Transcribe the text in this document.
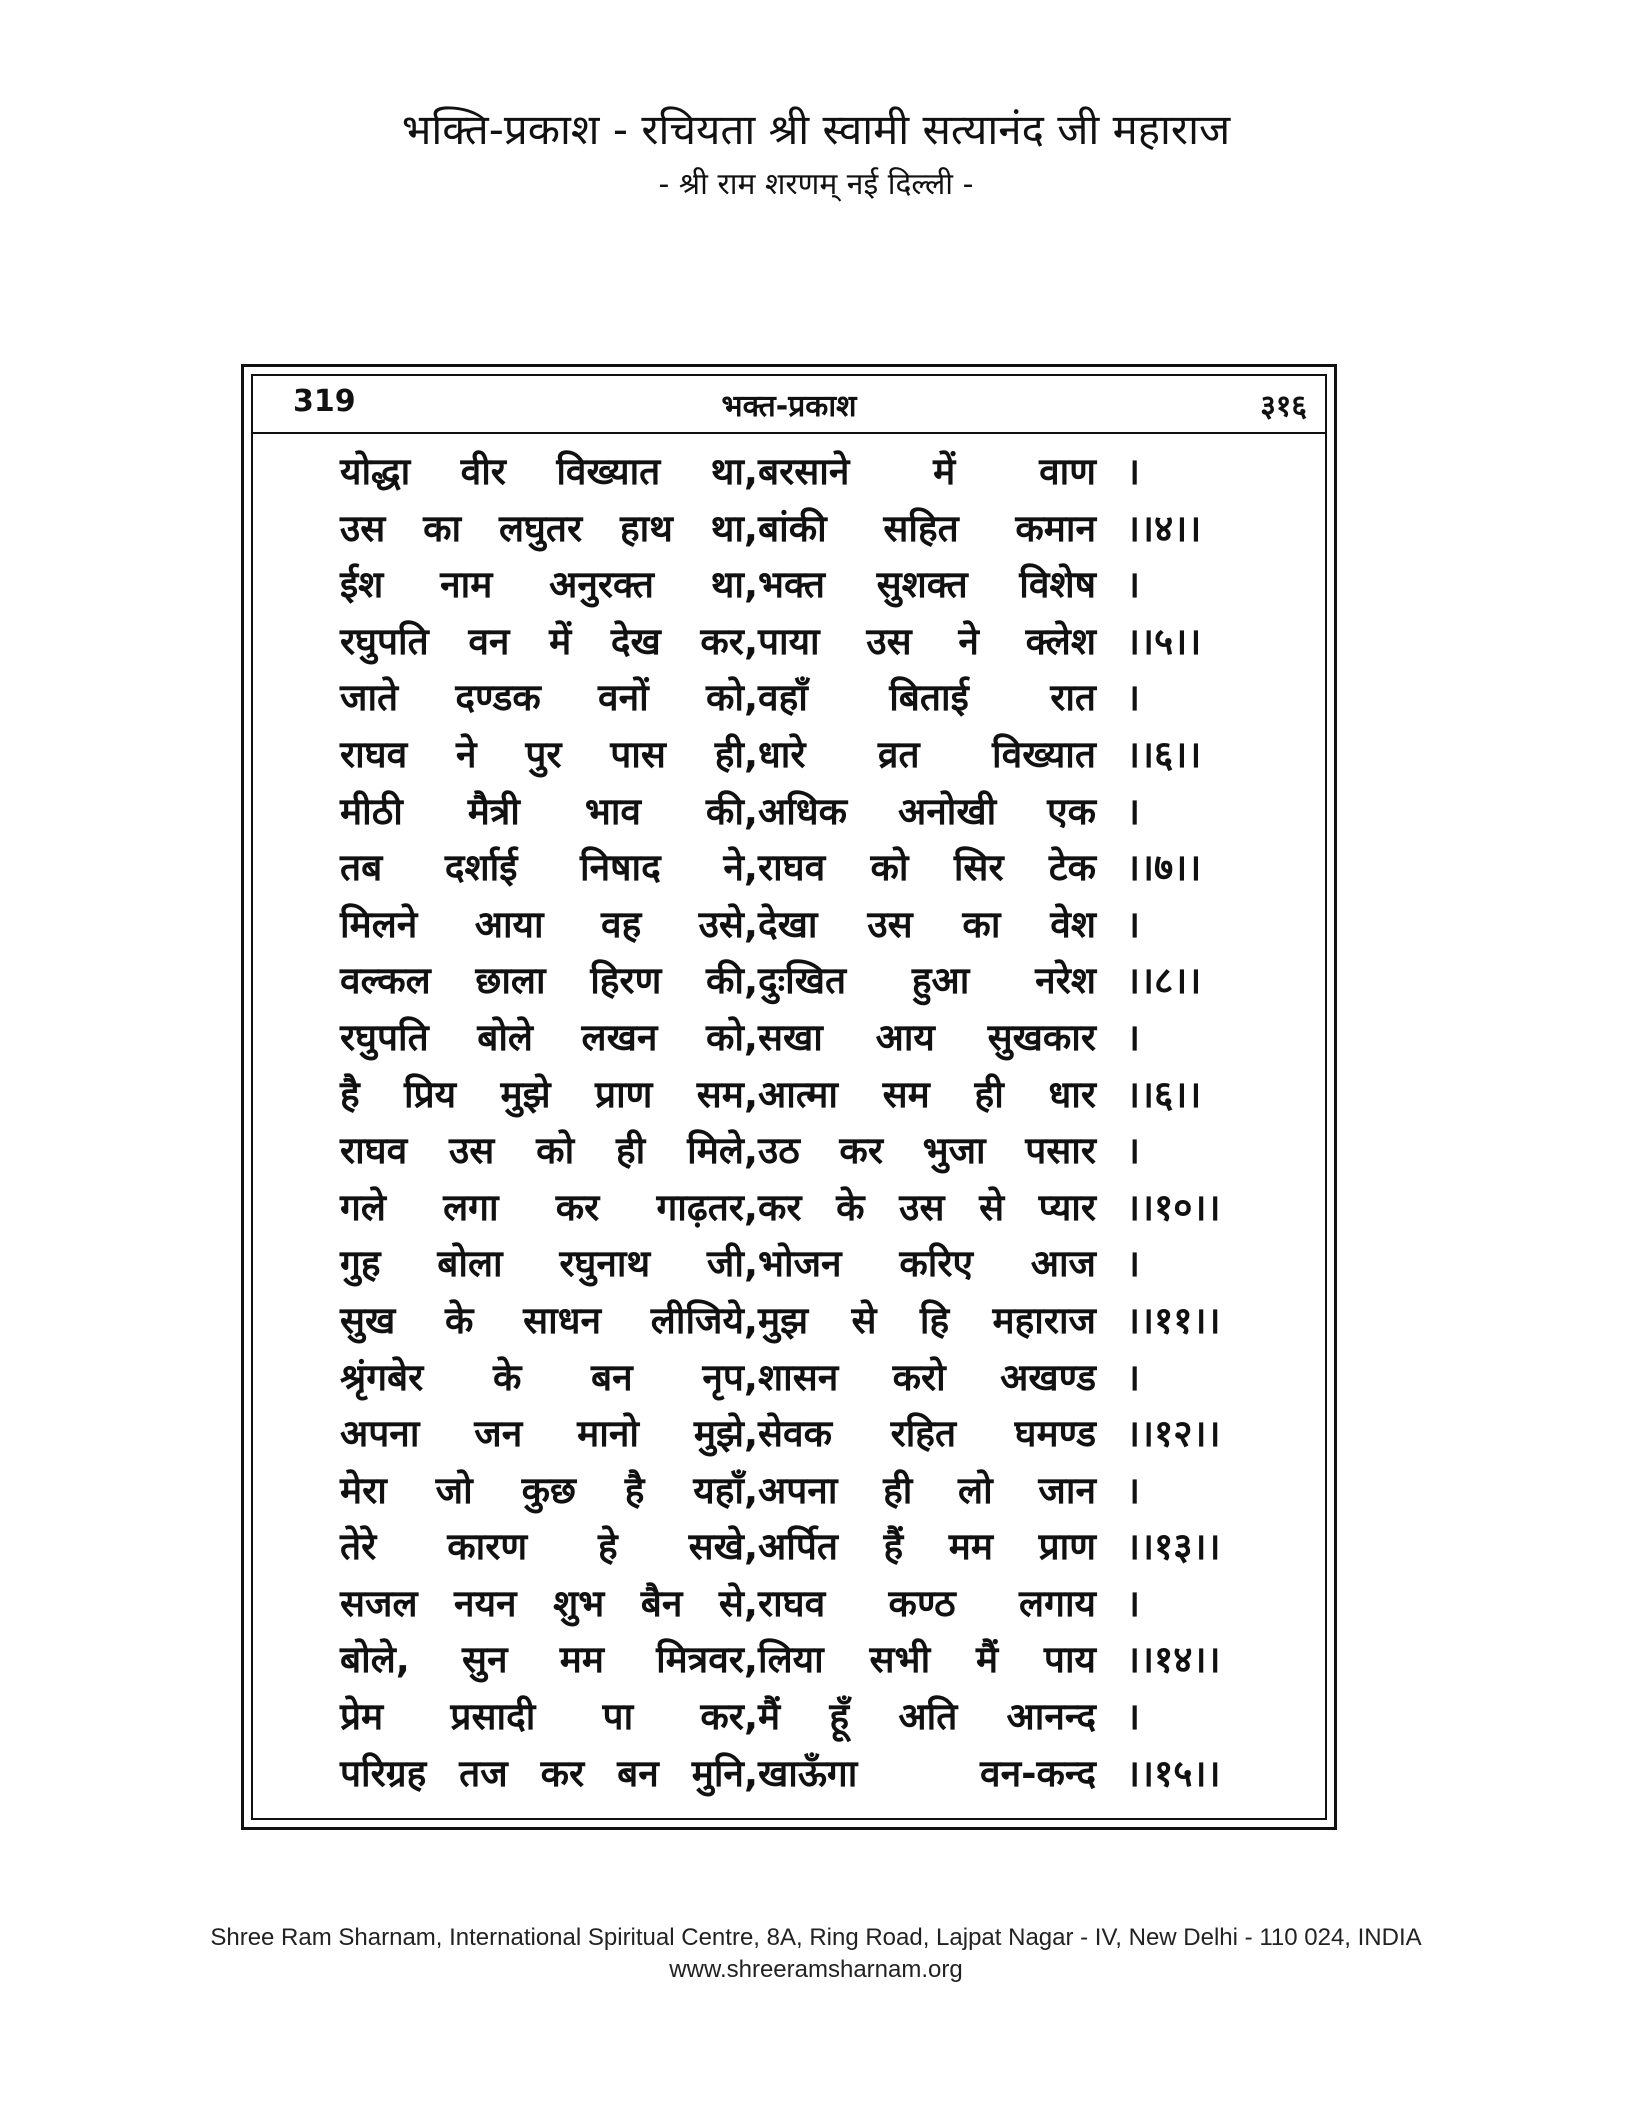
भक्ति-प्रकाश - रचियता श्री स्वामी सत्यानंद जी महाराज
- श्री राम शरणम् नई दिल्ली -
319	भक्त-प्रकाश	३१६
योद्धा वीर विख्यात था, बरसाने में वाण ।
उस का लघुतर हाथ था, बांकी सहित कमान ।।४।।
ईश नाम अनुरक्त था, भक्त सुशक्त विशेष ।
रघुपति वन में देख कर, पाया उस ने क्लेश ।।५।।
जाते दण्डक वनों को, वहाँ बिताई रात ।
राघव ने पुर पास ही, धारे व्रत विख्यात ।।६।।
मीठी मैत्री भाव की, अधिक अनोखी एक ।
तब दर्शाई निषाद ने, राघव को सिर टेक ।।७।।
मिलने आया वह उसे, देखा उस का वेश ।
वल्कल छाला हिरण की, दुःखित हुआ नरेश ।।८।।
रघुपति बोले लखन को, सखा आय सुखकार ।
है प्रिय मुझे प्राण सम, आत्मा सम ही धार ।।६।।
राघव उस को ही मिले, उठ कर भुजा पसार ।
गले लगा कर गाढ़तर, कर के उस से प्यार ।।१०।।
गुह बोला रघुनाथ जी, भोजन करिए आज ।
सुख के साधन लीजिये, मुझ से हि महाराज ।।११।।
श्रृंगबेर के बन नृप, शासन करो अखण्ड ।
अपना जन मानो मुझे, सेवक रहित घमण्ड ।।१२।।
मेरा जो कुछ है यहाँ, अपना ही लो जान ।
तेरे कारण हे सखे, अर्पित हैं मम प्राण ।।१३।।
सजल नयन शुभ बैन से, राघव कण्ठ लगाय ।
बोले, सुन मम मित्रवर, लिया सभी मैं पाय ।।१४।।
प्रेम प्रसादी पा कर, मैं हूँ अति आनन्द ।
परिग्रह तज कर बन मुनि, खाऊँगा वन-कन्द ।।१५।।
Shree Ram Sharnam, International Spiritual Centre, 8A, Ring Road, Lajpat Nagar - IV, New Delhi - 110 024, INDIA
www.shreeramsharnam.org
